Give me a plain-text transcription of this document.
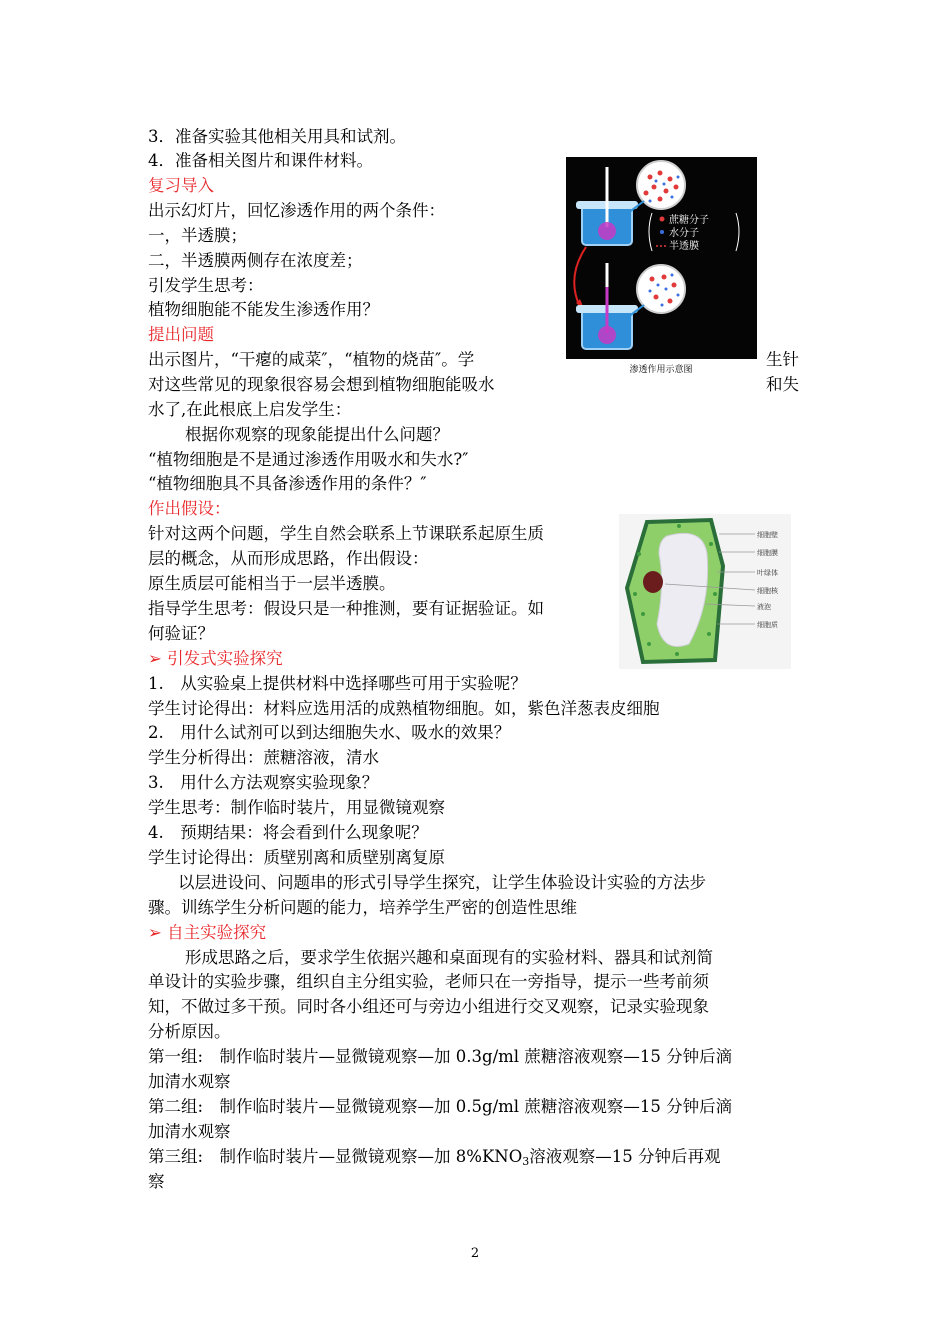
3．准备实验其他相关用具和试剂。
4．准备相关图片和课件材料。
复习导入
出示幻灯片，回忆渗透作用的两个条件：
一，半透膜；
二，半透膜两侧存在浓度差；
引发学生思考：
植物细胞能不能发生渗透作用？
提出问题
出示图片，“干瘪的咸菜″，“植物的烧苗″。学
对这些常见的现象很容易会想到植物细胞能吸水
水了,在此根底上启发学生：
根据你观察的现象能提出什么问题？
“植物细胞是不是通过渗透作用吸水和失水?″
“植物细胞具不具备渗透作用的条件？″
作出假设：
针对这两个问题，学生自然会联系上节课联系起原生质
层的概念，从而形成思路，作出假设：
原生质层可能相当于一层半透膜。
指导学生思考：假设只是一种推测，要有证据验证。如
何验证？
➢ 引发式实验探究
1.　从实验桌上提供材料中选择哪些可用于实验呢？
学生讨论得出：材料应选用活的成熟植物细胞。如，紫色洋葱表皮细胞
2.　用什么试剂可以到达细胞失水、吸水的效果？
学生分析得出：蔗糖溶液，清水
3.　用什么方法观察实验现象？
学生思考：制作临时装片，用显微镜观察
4.　预期结果：将会看到什么现象呢？
学生讨论得出：质壁别离和质壁别离复原
以层进设问、问题串的形式引导学生探究，让学生体验设计实验的方法步
骤。训练学生分析问题的能力，培养学生严密的创造性思维
➢ 自主实验探究
形成思路之后，要求学生依据兴趣和桌面现有的实验材料、器具和试剂简
单设计的实验步骤，组织自主分组实验，老师只在一旁指导，提示一些考前须
知，不做过多干预。同时各小组还可与旁边小组进行交叉观察，记录实验现象
分析原因。
第一组:　制作临时装片—显微镜观察—加 0.3g/ml 蔗糖溶液观察—15 分钟后滴
加清水观察
第二组:　制作临时装片—显微镜观察—加 0.5g/ml 蔗糖溶液观察—15 分钟后滴
加清水观察
第三组:　制作临时装片—显微镜观察—加 $8\%KNO_3$溶液观察—15 分钟后再观
察
生针
和失
蔗糖分子
水分子
半透膜
渗透作用示意图
细胞壁
细胞膜
叶绿体
细胞核
液泡
细胞质
2
